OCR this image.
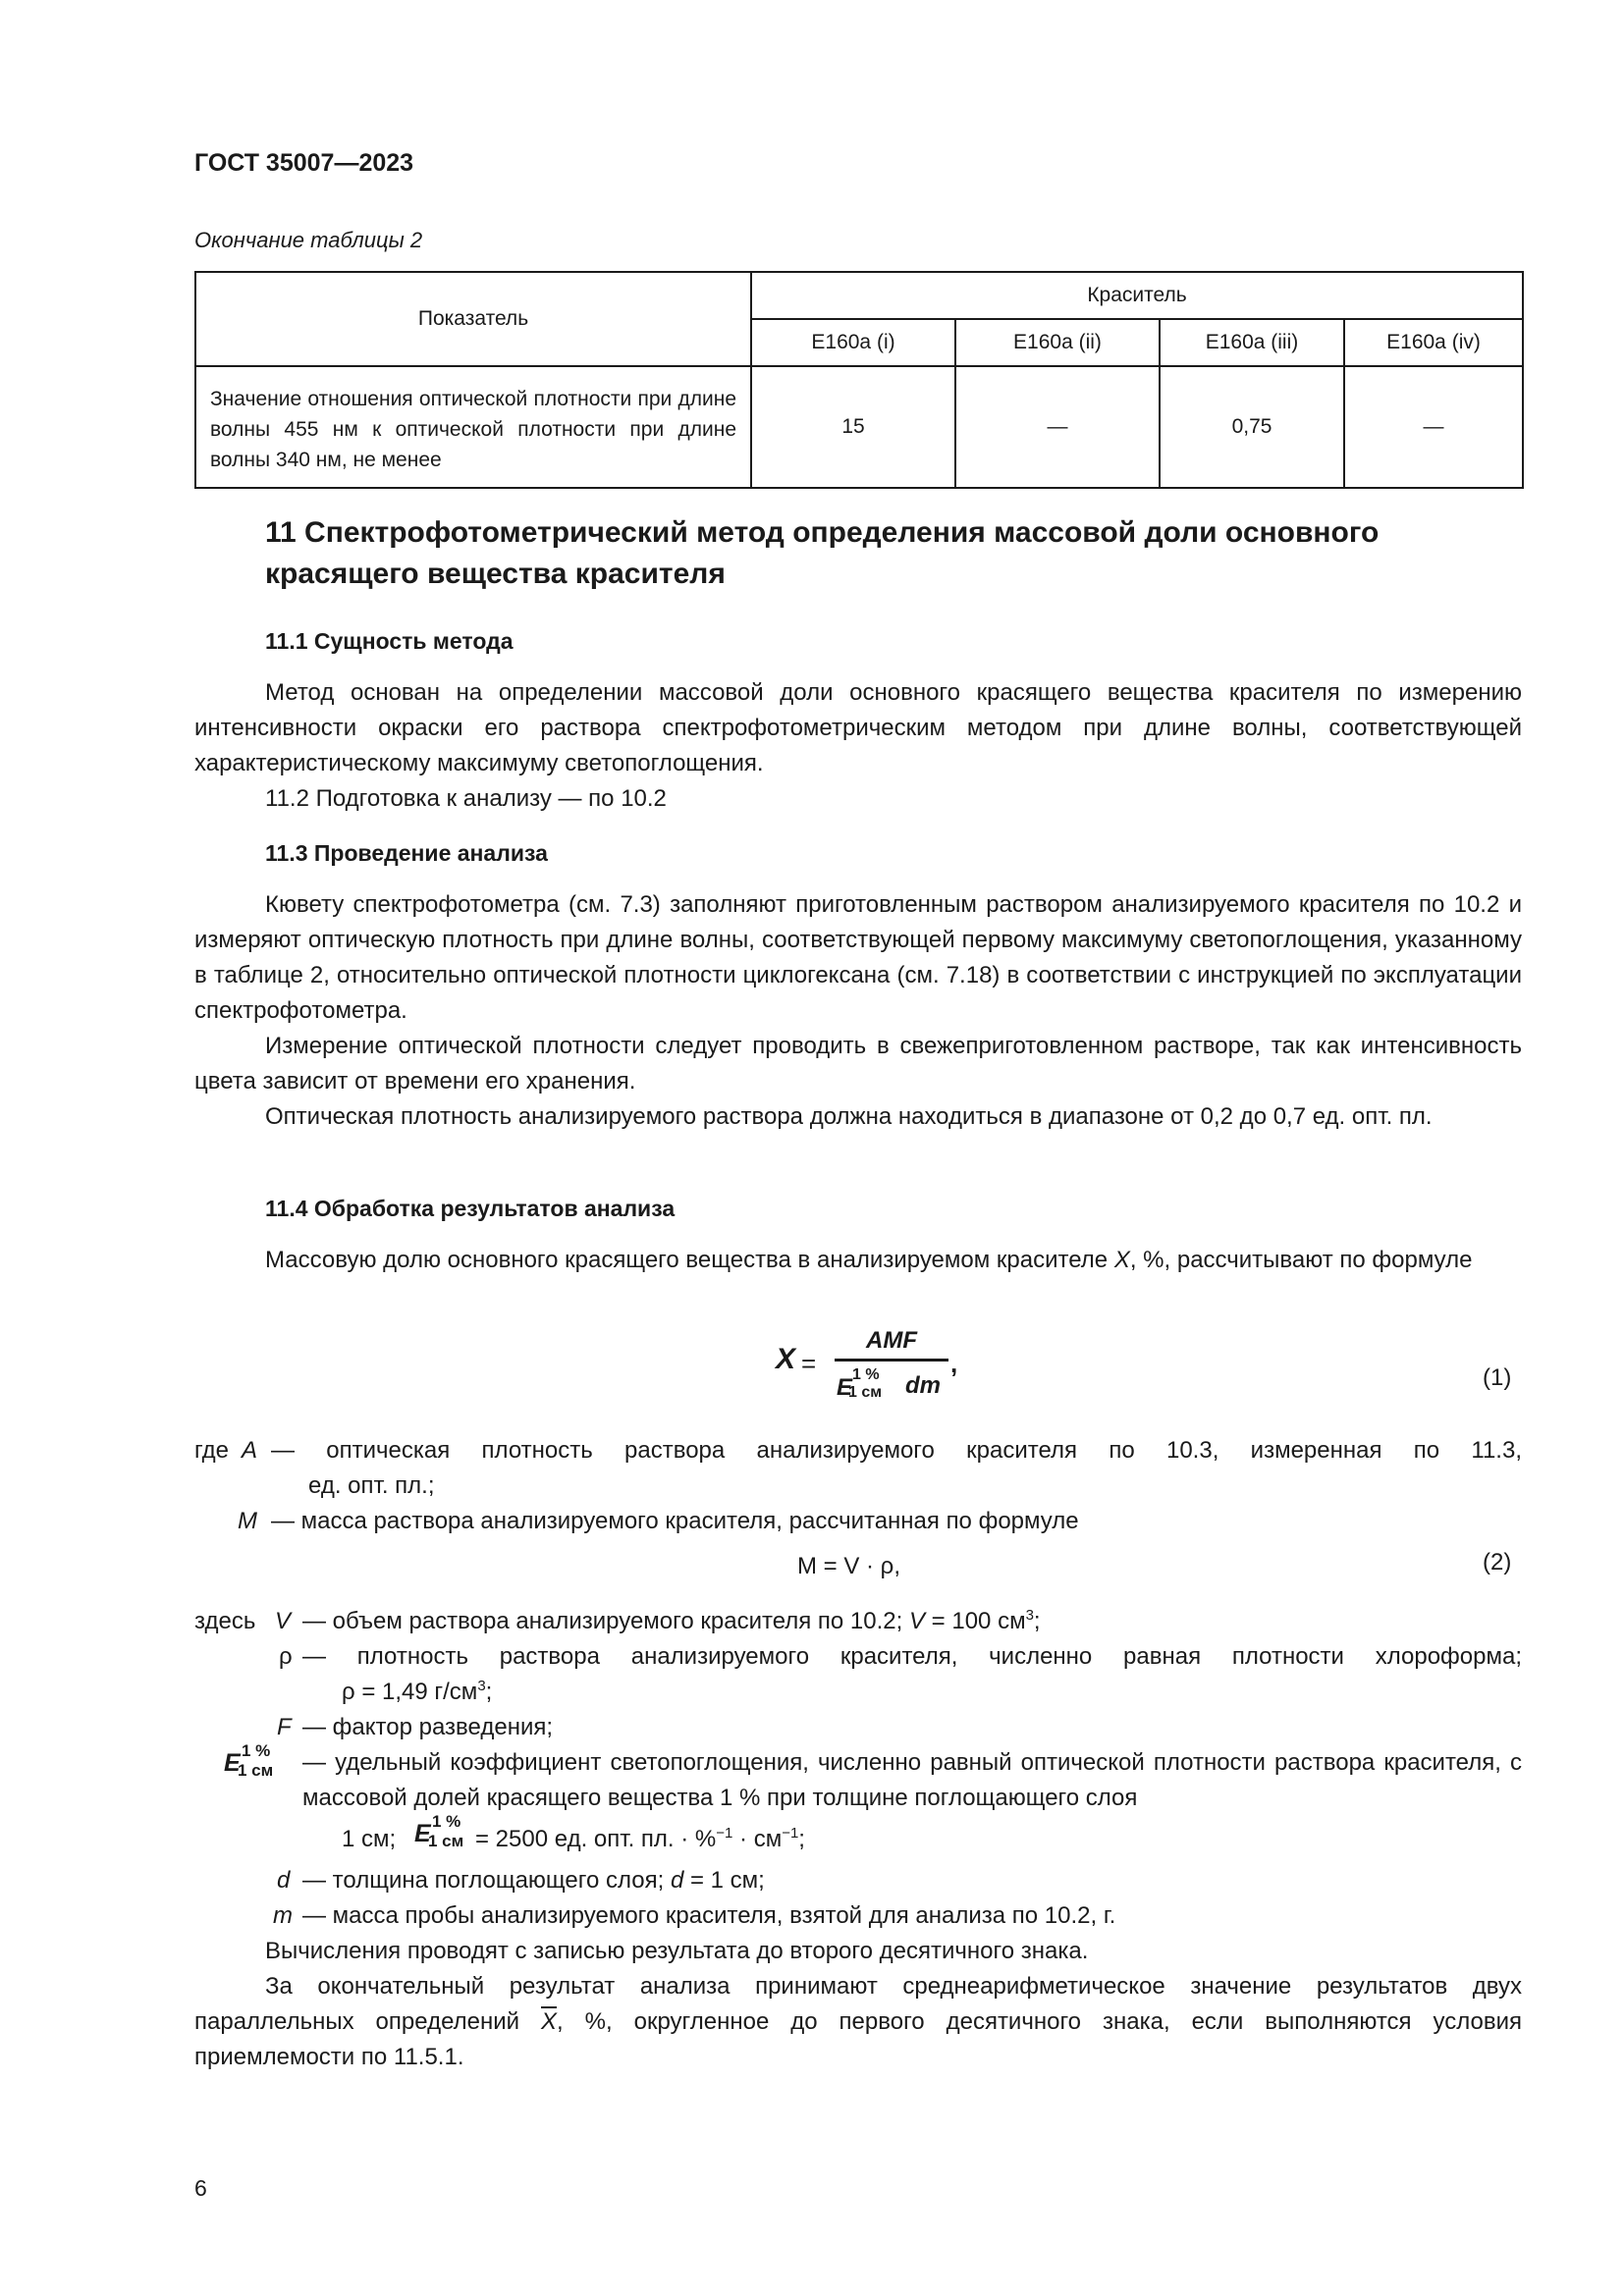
ГОСТ 35007—2023
Окончание таблицы 2
Показатель	Краситель			
	E160a (i)	E160a (ii)	E160a (iii)	E160a (iv)
Значение отношения оптической плотности при длине волны 455 нм к оптической плотности при длине волны 340 нм, не менее	15	—	0,75	—
11 Спектрофотометрический метод определения массовой доли основного красящего вещества красителя
11.1 Сущность метода
Метод основан на определении массовой доли основного красящего вещества красителя по измерению интенсивности окраски его раствора спектрофотометрическим методом при длине волны, соответствующей характеристическому максимуму светопоглощения.
11.2 Подготовка к анализу — по 10.2
11.3 Проведение анализа
Кювету спектрофотометра (см. 7.3) заполняют приготовленным раствором анализируемого красителя по 10.2 и измеряют оптическую плотность при длине волны, соответствующей первому максимуму светопоглощения, указанному в таблице 2, относительно оптической плотности циклогексана (см. 7.18) в соответствии с инструкцией по эксплуатации спектрофотометра.
Измерение оптической плотности следует проводить в свежеприготовленном растворе, так как интенсивность цвета зависит от времени его хранения.
Оптическая плотность анализируемого раствора должна находиться в диапазоне от 0,2 до 0,7 ед. опт. пл.
11.4 Обработка результатов анализа
Массовую долю основного красящего вещества в анализируемом красителе X, %, рассчитывают по формуле
X =
AMF
E 1 %
1 см dm
,	(1)
где A — оптическая плотность раствора анализируемого красителя по 10.3, измеренная по 11.3,
ед. опт. пл.;
M — масса раствора анализируемого красителя, рассчитанная по формуле
M = V · ρ,	(2)
здесь V — объем раствора анализируемого красителя по 10.2; V = 100 $см^3$;
ρ — плотность раствора анализируемого красителя, численно равная плотности хлороформа;
ρ = 1,49 $г/см^3$;
F — фактор разведения;
E 1 %
1 см — удельный коэффициент светопоглощения, численно равный оптической плотности раствора красителя, с массовой долей красящего вещества 1 % при толщине поглощающего слоя
1 см; E 1 %
1 см = 2500 ед. опт. пл. · $\%^{-1} \cdot см^{-1}$;
d — толщина поглощающего слоя; d = 1 см;
m — масса пробы анализируемого красителя, взятой для анализа по 10.2, г.
Вычисления проводят с записью результата до второго десятичного знака.
За окончательный результат анализа принимают среднеарифметическое значение результатов двух параллельных определений $\overline{X}$, %, округленное до первого десятичного знака, если выполняются условия приемлемости по 11.5.1.
6
